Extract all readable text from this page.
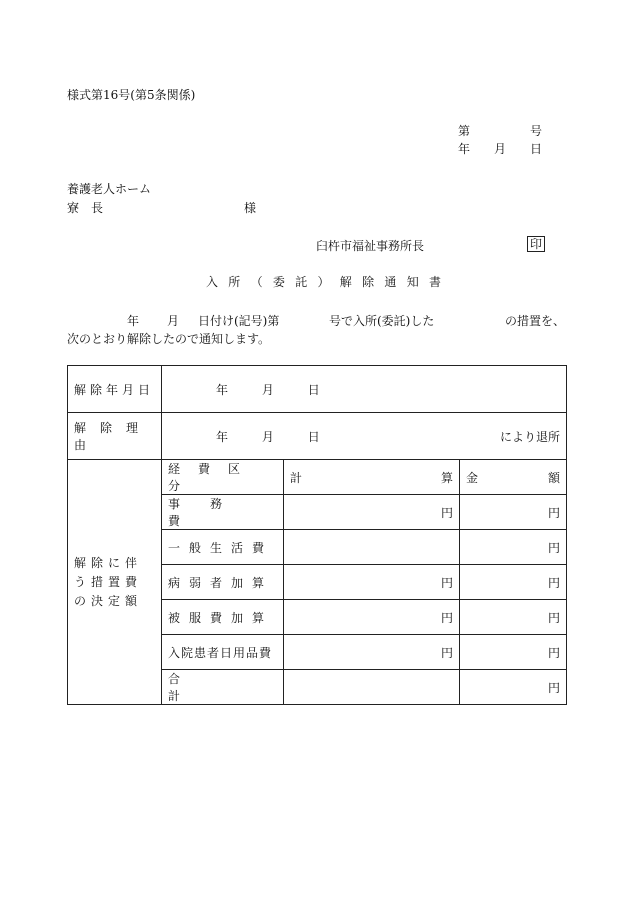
様式第16号(第5条関係)
第	号
年 月 日
養護老人ホーム
寮　長	様
臼杵市福祉事務所長	印
入所（委託）解除通知書
年 月 日付け(記号)第	号で入所(委託)した	の措置を、
次のとおり解除したので通知します。
解除年月日	年 月 日		
解除理由	年 月 日 により退所		

解除に伴う措置費の決定額	経費区分	計 算	金 額

	事務費	円	円
	一般生活費		円
	病弱者加算	円	円
	被服費加算	円	円
	入院患者日用品費	円	円
	合計		円
